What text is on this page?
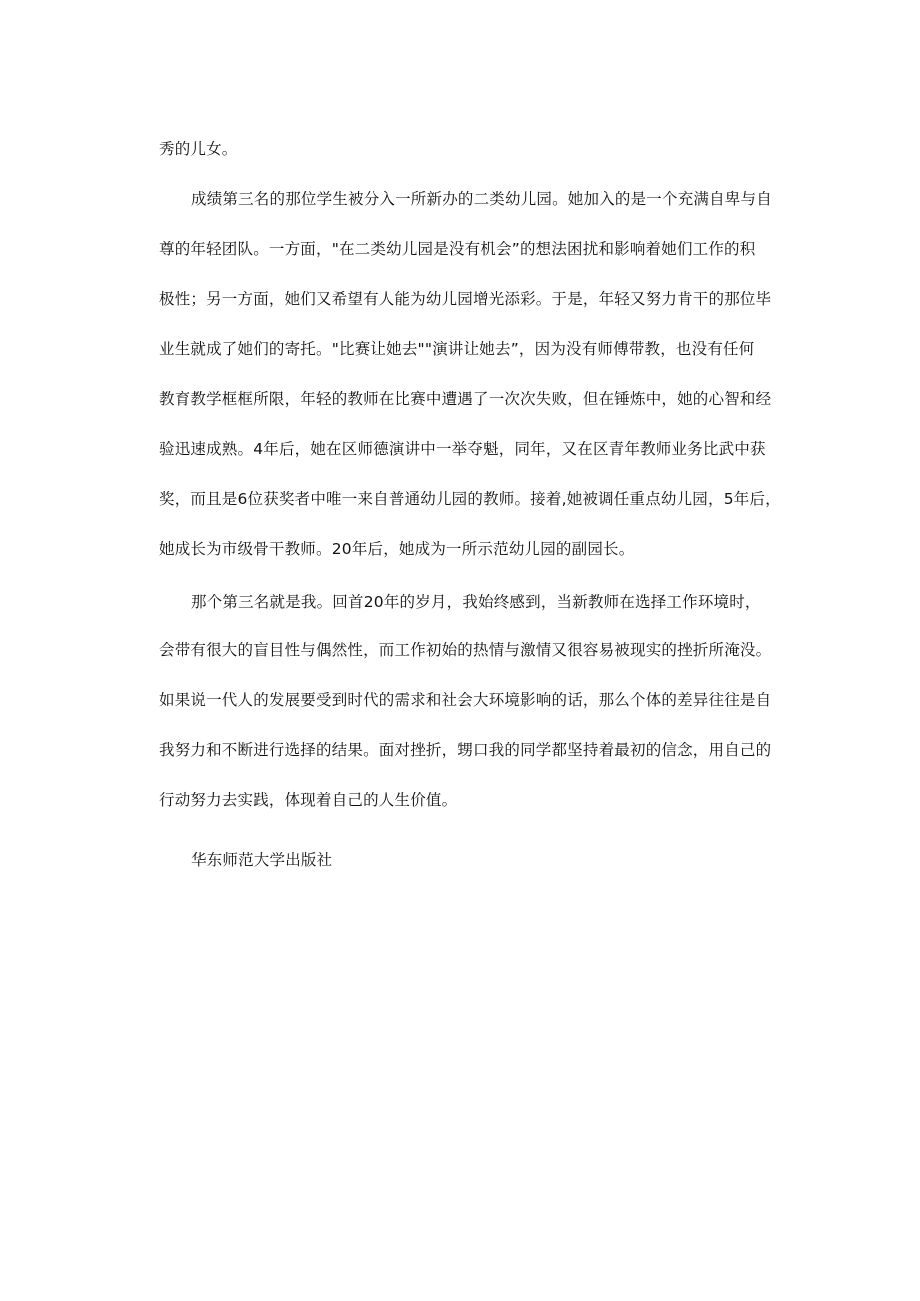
秀的儿女。
成绩第三名的那位学生被分入一所新办的二类幼儿园。她加入的是一个充满自卑与自
尊的年轻团队。一方面，"在二类幼儿园是没有机会”的想法困扰和影响着她们工作的积
极性；另一方面，她们又希望有人能为幼儿园增光添彩。于是，年轻又努力肯干的那位毕
业生就成了她们的寄托。"比赛让她去""演讲让她去”，因为没有师傅带教，也没有任何
教育教学框框所限，年轻的教师在比赛中遭遇了一次次失败，但在锤炼中，她的心智和经
验迅速成熟。4年后，她在区师德演讲中一举夺魁，同年，又在区青年教师业务比武中获
奖，而且是6位获奖者中唯一来自普通幼儿园的教师。接着,她被调任重点幼儿园，5年后，
她成长为市级骨干教师。20年后，她成为一所示范幼儿园的副园长。
那个第三名就是我。回首20年的岁月，我始终感到，当新教师在选择工作环境时，
会带有很大的盲目性与偶然性，而工作初始的热情与激情又很容易被现实的挫折所淹没。
如果说一代人的发展要受到时代的需求和社会大环境影响的话，那么个体的差异往往是自
我努力和不断进行选择的结果。面对挫折，甥口我的同学都坚持着最初的信念，用自己的
行动努力去实践，体现着自己的人生价值。
华东师范大学出版社
